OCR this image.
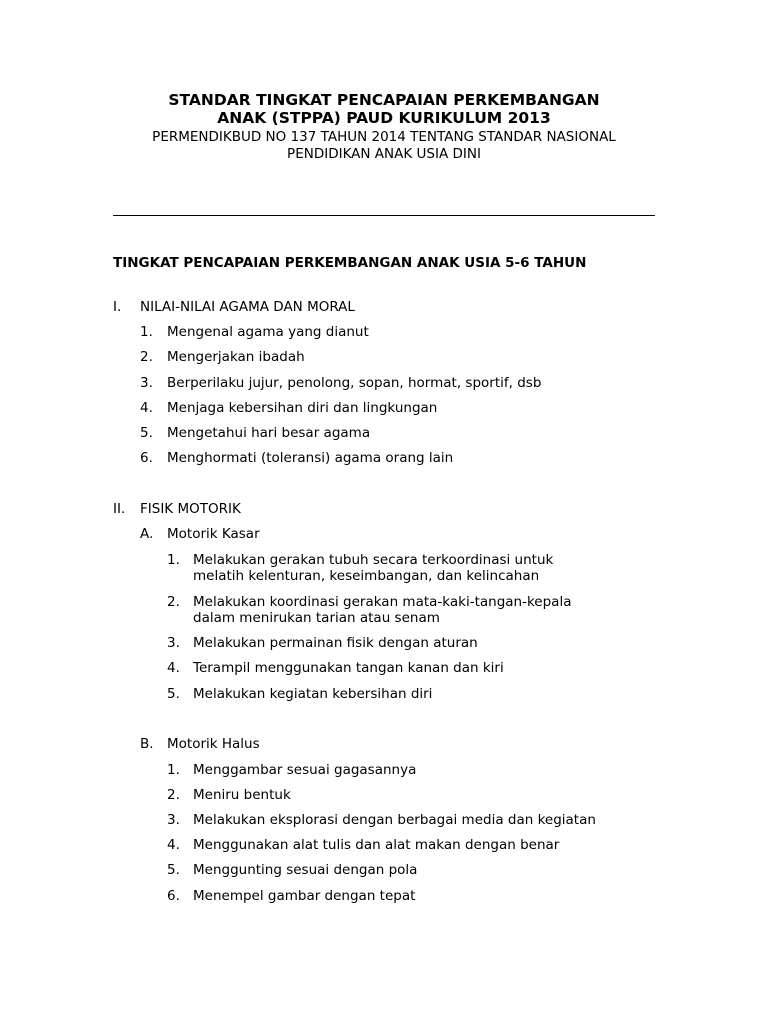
STANDAR TINGKAT PENCAPAIAN PERKEMBANGAN
ANAK (STPPA) PAUD KURIKULUM 2013
PERMENDIKBUD NO 137 TAHUN 2014 TENTANG STANDAR NASIONAL
PENDIDIKAN ANAK USIA DINI
TINGKAT PENCAPAIAN PERKEMBANGAN ANAK USIA 5-6 TAHUN
I. NILAI-NILAI AGAMA DAN MORAL
1. Mengenal agama yang dianut
2. Mengerjakan ibadah
3. Berperilaku jujur, penolong, sopan, hormat, sportif, dsb
4. Menjaga kebersihan diri dan lingkungan
5. Mengetahui hari besar agama
6. Menghormati (toleransi) agama orang lain
II. FISIK MOTORIK
A. Motorik Kasar
1. Melakukan gerakan tubuh secara terkoordinasi untuk
melatih kelenturan, keseimbangan, dan kelincahan
2. Melakukan koordinasi gerakan mata-kaki-tangan-kepala
dalam menirukan tarian atau senam
3. Melakukan permainan fisik dengan aturan
4. Terampil menggunakan tangan kanan dan kiri
5. Melakukan kegiatan kebersihan diri
B. Motorik Halus
1. Menggambar sesuai gagasannya
2. Meniru bentuk
3. Melakukan eksplorasi dengan berbagai media dan kegiatan
4. Menggunakan alat tulis dan alat makan dengan benar
5. Menggunting sesuai dengan pola
6. Menempel gambar dengan tepat
